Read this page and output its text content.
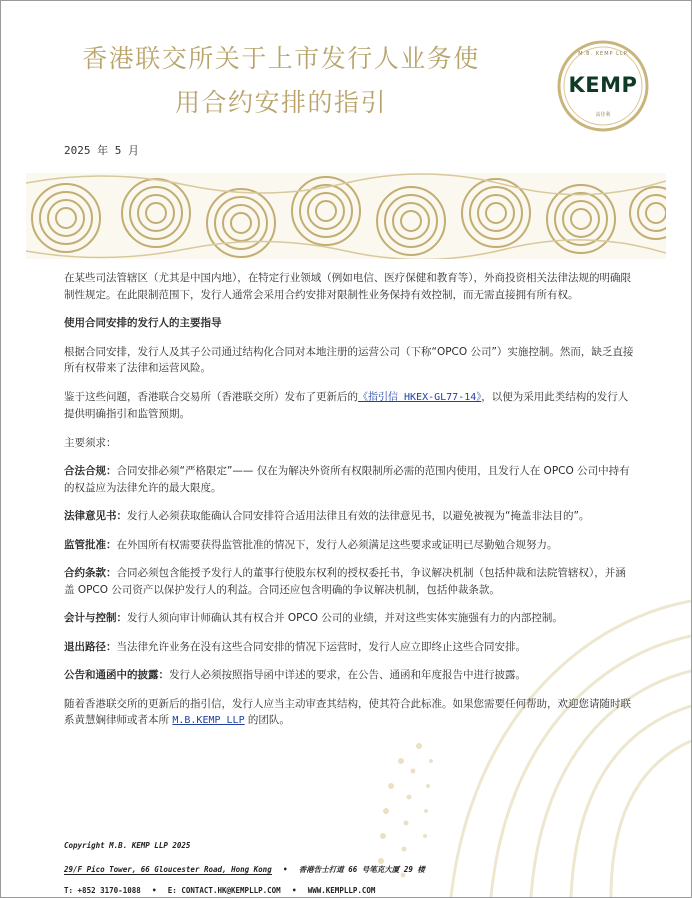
香港联交所关于上市发行人业务使
用合约安排的指引
M.B. KEMP LLP
KEMP
高佳利
2025 年 5 月

在某些司法管辖区（尤其是中国内地），在特定行业领域（例如电信、医疗保健和教育等），外商投资相关法律法规的明确限制性规定。在此限制范围下，发行人通常会采用合约安排对限制性业务保持有效控制，而无需直接拥有所有权。

使用合同安排的发行人的主要指导

根据合同安排，发行人及其子公司通过结构化合同对本地注册的运营公司（下称“OPCO 公司”）实施控制。然而，缺乏直接所有权带来了法律和运营风险。

鉴于这些问题，香港联合交易所（香港联交所）发布了更新后的《指引信 HKEX-GL77-14》，以便为采用此类结构的发行人提供明确指引和监管预期。

主要须求：

合法合规：合同安排必须“严格限定”—— 仅在为解决外资所有权限制所必需的范围内使用，且发行人在 OPCO 公司中持有的权益应为法律允许的最大限度。

法律意见书：发行人必须获取能确认合同安排符合适用法律且有效的法律意见书，以避免被视为“掩盖非法目的”。

监管批准：在外国所有权需要获得监管批准的情况下，发行人必须满足这些要求或证明已尽勤勉合规努力。

合约条款：合同必须包含能授予发行人的董事行使股东权利的授权委托书，争议解决机制（包括仲裁和法院管辖权），并涵盖 OPCO 公司资产以保护发行人的利益。合同还应包含明确的争议解决机制，包括仲裁条款。

会计与控制：发行人须向审计师确认其有权合并 OPCO 公司的业绩，并对这些实体实施强有力的内部控制。

退出路径：当法律允许业务在没有这些合同安排的情况下运营时，发行人应立即终止这些合同安排。

公告和通函中的披露：发行人必须按照指导函中详述的要求，在公告、通函和年度报告中进行披露。

随着香港联交所的更新后的指引信，发行人应当主动审查其结构，使其符合此标准。如果您需要任何帮助，欢迎您请随时联系黄慧娴律师或者本所 M.B.KEMP LLP 的团队。

Copyright M.B. KEMP LLP 2025
29/F Pico Tower, 66 Gloucester Road, Hong Kong • 香港告士打道 66 号笔克大厦 29 楼
T: +852 3170-1088 • E: CONTACT.HK@KEMPLLP.COM • WWW.KEMPLLP.COM
